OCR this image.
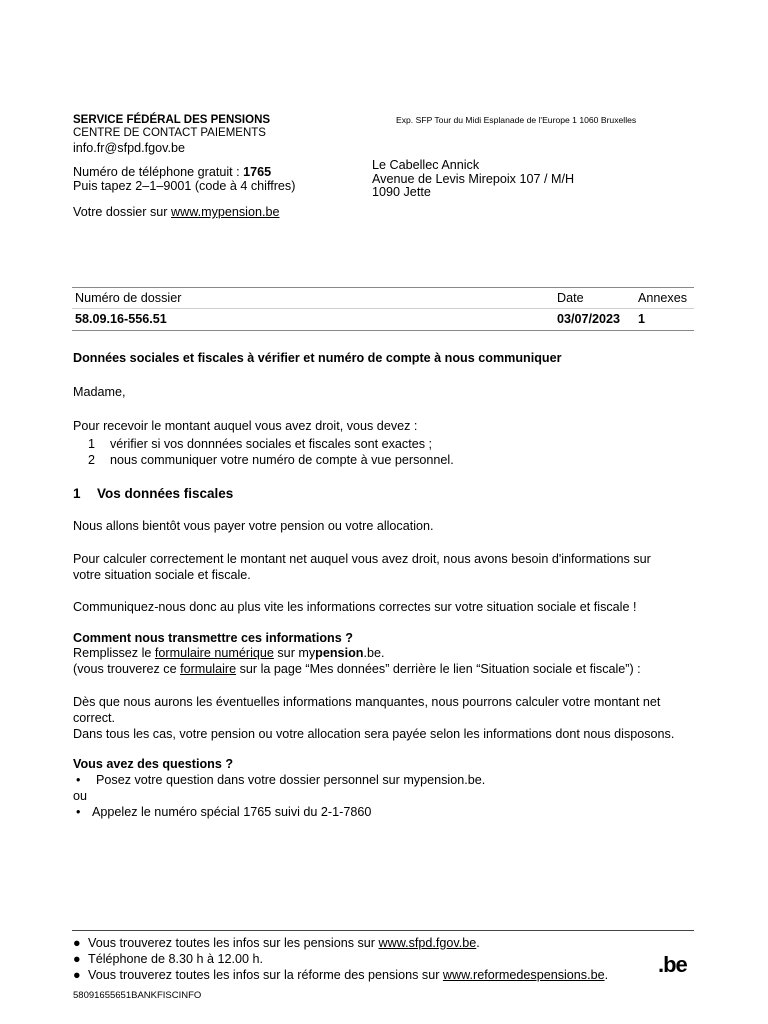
SERVICE FÉDÉRAL DES PENSIONS
CENTRE DE CONTACT PAIEMENTS
info.fr@sfpd.fgov.be
Numéro de téléphone gratuit : 1765
Puis tapez 2–1–9001 (code à 4 chiffres)
Votre dossier sur www.mypension.be
Exp. SFP Tour du Midi Esplanade de l'Europe 1 1060 Bruxelles
Le Cabellec Annick
Avenue de Levis Mirepoix 107 / M/H
1090 Jette
Numéro de dossier	Date	Annexes
58.09.16-556.51	03/07/2023 1
Données sociales et fiscales à vérifier et numéro de compte à nous communiquer
Madame,
Pour recevoir le montant auquel vous avez droit, vous devez :
1 vérifier si vos donnnées sociales et fiscales sont exactes ;
2 nous communiquer votre numéro de compte à vue personnel.
1 Vos données fiscales
Nous allons bientôt vous payer votre pension ou votre allocation.
Pour calculer correctement le montant net auquel vous avez droit, nous avons besoin d'informations sur
votre situation sociale et fiscale.
Communiquez-nous donc au plus vite les informations correctes sur votre situation sociale et fiscale !
Comment nous transmettre ces informations ?
Remplissez le formulaire numérique sur mypension.be.
(vous trouverez ce formulaire sur la page “Mes données” derrière le lien “Situation sociale et fiscale”) :
Dès que nous aurons les éventuelles informations manquantes, nous pourrons calculer votre montant net
correct.
Dans tous les cas, votre pension ou votre allocation sera payée selon les informations dont nous disposons.
Vous avez des questions ?
• Posez votre question dans votre dossier personnel sur mypension.be.
ou
• Appelez le numéro spécial 1765 suivi du 2-1-7860
● Vous trouverez toutes les infos sur les pensions sur www.sfpd.fgov.be.
● Téléphone de 8.30 h à 12.00 h.
● Vous trouverez toutes les infos sur la réforme des pensions sur www.reformedespensions.be.
58091655651BANKFISCINFO
.be
